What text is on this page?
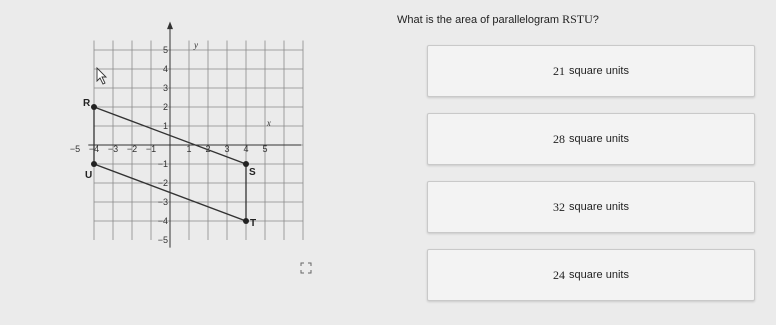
What is the area of parallelogram RSTU?
−5 −4 −3 −2 −1	1 2 3 4 5
5
4
3
2
1
−1
−2
−3
−4
−5
x
y
R
S
T
U
21 square units
28 square units
32 square units
24 square units
